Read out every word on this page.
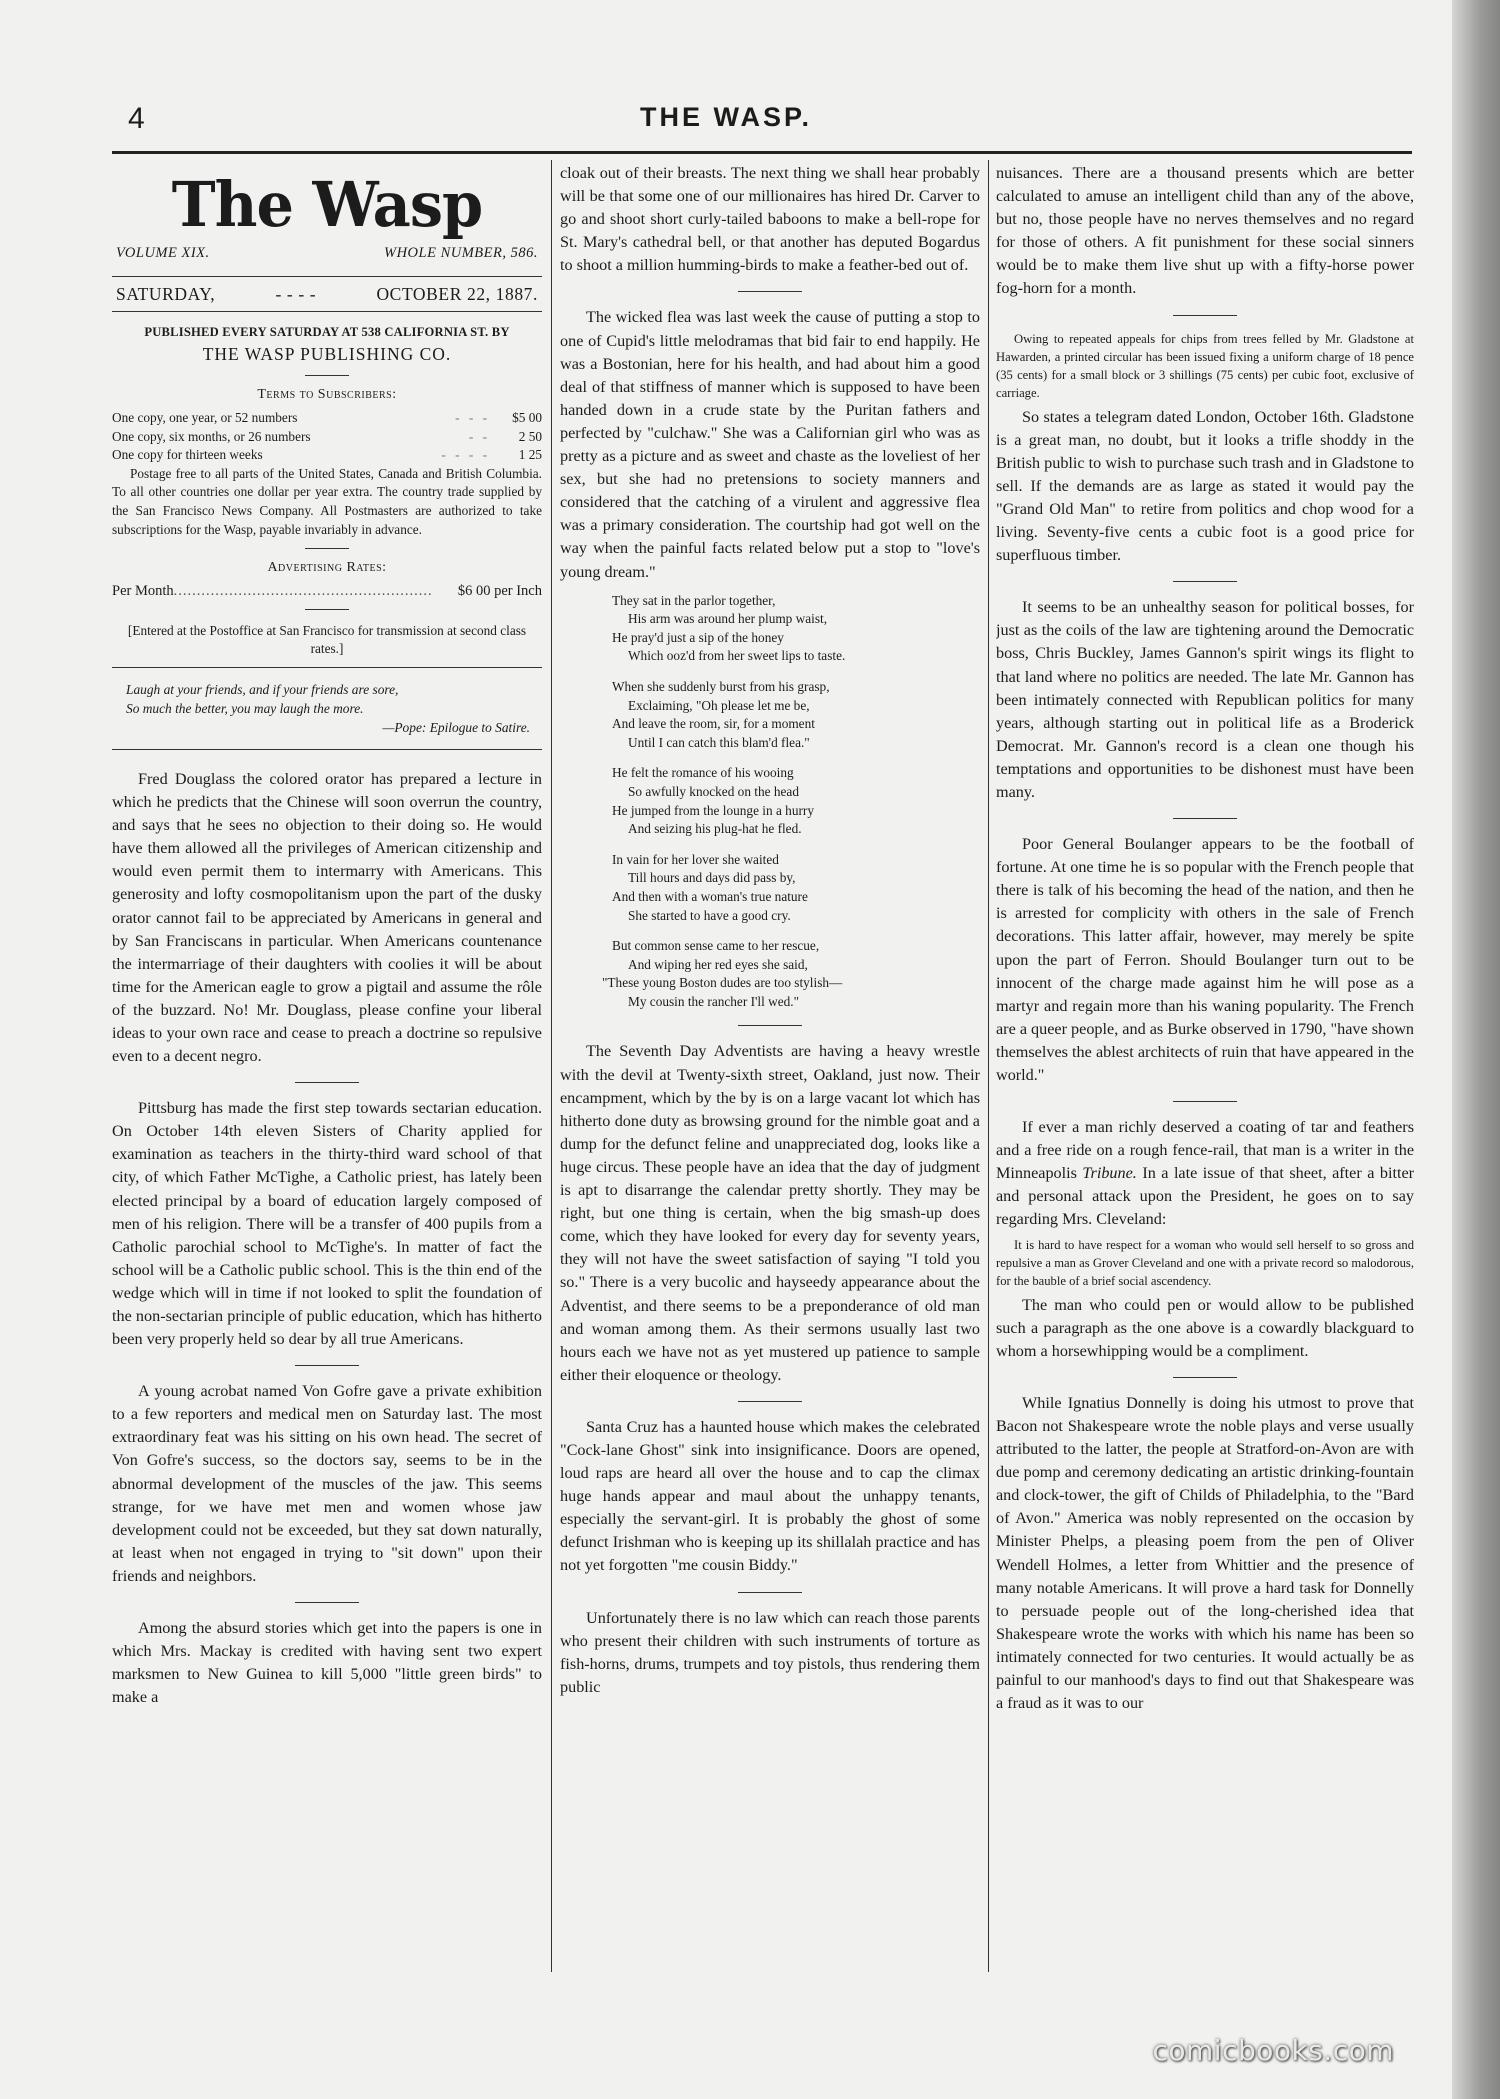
4	THE WASP.
The Wasp
VOLUME XIX.	WHOLE NUMBER, 586.
SATURDAY,	- - - -	OCTOBER 22, 1887.
PUBLISHED EVERY SATURDAY AT 538 CALIFORNIA ST. BY
THE WASP PUBLISHING CO.
Terms to Subscribers:
One copy, one year, or 52 numbers	- - -	$5 00
One copy, six months, or 26 numbers	- -	2 50
One copy for thirteen weeks	- - - -	1 25

Postage free to all parts of the United States, Canada and British Columbia. To all other countries one dollar per year extra. The country trade supplied by the San Francisco News Company. All Postmasters are authorized to take subscriptions for the Wasp, payable invariably in advance.

Advertising Rates:
Per Month ........................................................	$6 00 per Inch
[Entered at the Postoffice at San Francisco for transmission at second class rates.]
Laugh at your friends, and if your friends are sore,
So much the better, you may laugh the more.
—Pope: Epilogue to Satire.

Fred Douglass the colored orator has prepared a lecture in which he predicts that the Chinese will soon overrun the country, and says that he sees no objection to their doing so. He would have them allowed all the privileges of American citizenship and would even permit them to intermarry with Americans. This generosity and lofty cosmopolitanism upon the part of the dusky orator cannot fail to be appreciated by Americans in general and by San Franciscans in particular. When Americans countenance the intermarriage of their daughters with coolies it will be about time for the American eagle to grow a pigtail and assume the rôle of the buzzard. No! Mr. Douglass, please confine your liberal ideas to your own race and cease to preach a doctrine so repulsive even to a decent negro.

Pittsburg has made the first step towards sectarian education. On October 14th eleven Sisters of Charity applied for examination as teachers in the thirty-third ward school of that city, of which Father McTighe, a Catholic priest, has lately been elected principal by a board of education largely composed of men of his religion. There will be a transfer of 400 pupils from a Catholic parochial school to McTighe's. In matter of fact the school will be a Catholic public school. This is the thin end of the wedge which will in time if not looked to split the foundation of the non-sectarian principle of public education, which has hitherto been very properly held so dear by all true Americans.

A young acrobat named Von Gofre gave a private exhibition to a few reporters and medical men on Saturday last. The most extraordinary feat was his sitting on his own head. The secret of Von Gofre's success, so the doctors say, seems to be in the abnormal development of the muscles of the jaw. This seems strange, for we have met men and women whose jaw development could not be exceeded, but they sat down naturally, at least when not engaged in trying to "sit down" upon their friends and neighbors.

Among the absurd stories which get into the papers is one in which Mrs. Mackay is credited with having sent two expert marksmen to New Guinea to kill 5,000 "little green birds" to make a

cloak out of their breasts. The next thing we shall hear probably will be that some one of our millionaires has hired Dr. Carver to go and shoot short curly-tailed baboons to make a bell-rope for St. Mary's cathedral bell, or that another has deputed Bogardus to shoot a million humming-birds to make a feather-bed out of.

The wicked flea was last week the cause of putting a stop to one of Cupid's little melodramas that bid fair to end happily. He was a Bostonian, here for his health, and had about him a good deal of that stiffness of manner which is supposed to have been handed down in a crude state by the Puritan fathers and perfected by "culchaw." She was a Californian girl who was as pretty as a picture and as sweet and chaste as the loveliest of her sex, but she had no pretensions to society manners and considered that the catching of a virulent and aggressive flea was a primary consideration. The courtship had got well on the way when the painful facts related below put a stop to "love's young dream."

They sat in the parlor together,
His arm was around her plump waist,
He pray'd just a sip of the honey
Which ooz'd from her sweet lips to taste.
When she suddenly burst from his grasp,
Exclaiming, "Oh please let me be,
And leave the room, sir, for a moment
Until I can catch this blam'd flea."
He felt the romance of his wooing
So awfully knocked on the head
He jumped from the lounge in a hurry
And seizing his plug-hat he fled.
In vain for her lover she waited
Till hours and days did pass by,
And then with a woman's true nature
She started to have a good cry.
But common sense came to her rescue,
And wiping her red eyes she said,
"These young Boston dudes are too stylish—
My cousin the rancher I'll wed."

The Seventh Day Adventists are having a heavy wrestle with the devil at Twenty-sixth street, Oakland, just now. Their encampment, which by the by is on a large vacant lot which has hitherto done duty as browsing ground for the nimble goat and a dump for the defunct feline and unappreciated dog, looks like a huge circus. These people have an idea that the day of judgment is apt to disarrange the calendar pretty shortly. They may be right, but one thing is certain, when the big smash-up does come, which they have looked for every day for seventy years, they will not have the sweet satisfaction of saying "I told you so." There is a very bucolic and hayseedy appearance about the Adventist, and there seems to be a preponderance of old man and woman among them. As their sermons usually last two hours each we have not as yet mustered up patience to sample either their eloquence or theology.

Santa Cruz has a haunted house which makes the celebrated "Cock-lane Ghost" sink into insignificance. Doors are opened, loud raps are heard all over the house and to cap the climax huge hands appear and maul about the unhappy tenants, especially the servant-girl. It is probably the ghost of some defunct Irishman who is keeping up its shillalah practice and has not yet forgotten "me cousin Biddy."

Unfortunately there is no law which can reach those parents who present their children with such instruments of torture as fish-horns, drums, trumpets and toy pistols, thus rendering them public

nuisances. There are a thousand presents which are better calculated to amuse an intelligent child than any of the above, but no, those people have no nerves themselves and no regard for those of others. A fit punishment for these social sinners would be to make them live shut up with a fifty-horse power fog-horn for a month.

Owing to repeated appeals for chips from trees felled by Mr. Gladstone at Hawarden, a printed circular has been issued fixing a uniform charge of 18 pence (35 cents) for a small block or 3 shillings (75 cents) per cubic foot, exclusive of carriage.

So states a telegram dated London, October 16th. Gladstone is a great man, no doubt, but it looks a trifle shoddy in the British public to wish to purchase such trash and in Gladstone to sell. If the demands are as large as stated it would pay the "Grand Old Man" to retire from politics and chop wood for a living. Seventy-five cents a cubic foot is a good price for superfluous timber.

It seems to be an unhealthy season for political bosses, for just as the coils of the law are tightening around the Democratic boss, Chris Buckley, James Gannon's spirit wings its flight to that land where no politics are needed. The late Mr. Gannon has been intimately connected with Republican politics for many years, although starting out in political life as a Broderick Democrat. Mr. Gannon's record is a clean one though his temptations and opportunities to be dishonest must have been many.

Poor General Boulanger appears to be the football of fortune. At one time he is so popular with the French people that there is talk of his becoming the head of the nation, and then he is arrested for complicity with others in the sale of French decorations. This latter affair, however, may merely be spite upon the part of Ferron. Should Boulanger turn out to be innocent of the charge made against him he will pose as a martyr and regain more than his waning popularity. The French are a queer people, and as Burke observed in 1790, "have shown themselves the ablest architects of ruin that have appeared in the world."

If ever a man richly deserved a coating of tar and feathers and a free ride on a rough fence-rail, that man is a writer in the Minneapolis Tribune. In a late issue of that sheet, after a bitter and personal attack upon the President, he goes on to say regarding Mrs. Cleveland:

It is hard to have respect for a woman who would sell herself to so gross and repulsive a man as Grover Cleveland and one with a private record so malodorous, for the bauble of a brief social ascendency.

The man who could pen or would allow to be published such a paragraph as the one above is a cowardly blackguard to whom a horsewhipping would be a compliment.

While Ignatius Donnelly is doing his utmost to prove that Bacon not Shakespeare wrote the noble plays and verse usually attributed to the latter, the people at Stratford-on-Avon are with due pomp and ceremony dedicating an artistic drinking-fountain and clock-tower, the gift of Childs of Philadelphia, to the "Bard of Avon." America was nobly represented on the occasion by Minister Phelps, a pleasing poem from the pen of Oliver Wendell Holmes, a letter from Whittier and the presence of many notable Americans. It will prove a hard task for Donnelly to persuade people out of the long-cherished idea that Shakespeare wrote the works with which his name has been so intimately connected for two centuries. It would actually be as painful to our manhood's days to find out that Shakespeare was a fraud as it was to our

comicbooks.com
